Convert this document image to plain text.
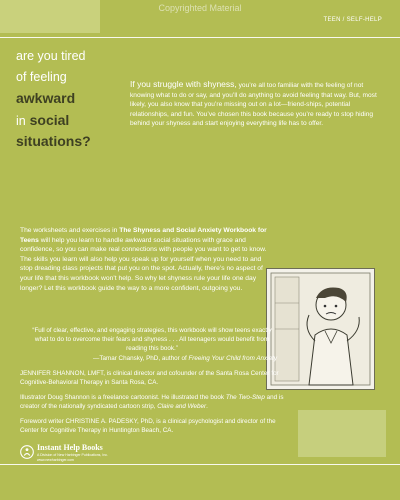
Copyrighted Material
TEEN / SELF-HELP
are you tired
of feeling
awkward
in social
situations?
If you struggle with shyness, you’re all too familiar with the feeling of not knowing what to do or say, and you’ll do anything to avoid feeling that way. But, most likely, you also know that you’re missing out on a lot—friend-ships, potential relationships, and fun. You’ve chosen this book because you’re ready to stop hiding behind your shyness and start enjoying everything life has to offer.
The worksheets and exercises in The Shyness and Social Anxiety Workbook for Teens will help you learn to handle awkward social situations with grace and confidence, so you can make real connections with people you want to get to know. The skills you learn will also help you speak up for yourself when you need to and stop dreading class projects that put you on the spot. Actually, there’s no aspect of your life that this workbook won’t help. So why let shyness rule your life one day longer? Let this workbook guide the way to a more confident, outgoing you.
“Full of clear, effective, and engaging strategies, this workbook will show teens exactly what to do to overcome their fears and shyness . . . All teenagers would benefit from reading this book.”
—Tamar Chansky, PhD, author of Freeing Your Child from Anxiety
JENNIFER SHANNON, LMFT, is clinical director and cofounder of the Santa Rosa Center for Cognitive-Behavioral Therapy in Santa Rosa, CA.
Illustrator Doug Shannon is a freelance cartoonist. He illustrated the book The Two-Step and is creator of the nationally syndicated cartoon strip, Claire and Weber.
Foreword writer CHRISTINE A. PADESKY, PhD, is a clinical psychologist and director of the Center for Cognitive Therapy in Huntington Beach, CA.
Instant Help Books
A Division of New Harbinger Publications, Inc.
www.newharbinger.com
